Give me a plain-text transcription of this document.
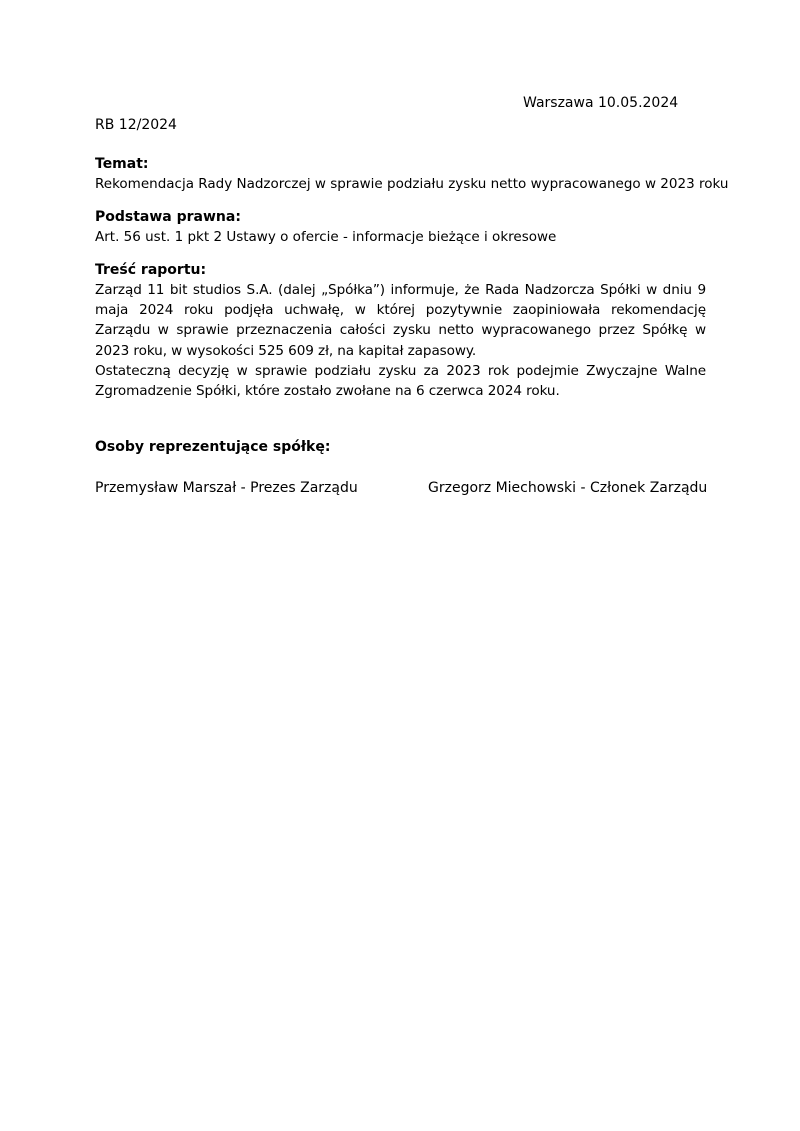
Warszawa 10.05.2024
RB 12/2024
Temat:
Rekomendacja Rady Nadzorczej w sprawie podziału zysku netto wypracowanego w 2023 roku
Podstawa prawna:
Art. 56 ust. 1 pkt 2 Ustawy o ofercie - informacje bieżące i okresowe
Treść raportu:

Zarząd 11 bit studios S.A. (dalej „Spółka”) informuje, że Rada Nadzorcza Spółki w dniu 9 maja 2024 roku podjęła uchwałę, w której pozytywnie zaopiniowała rekomendację Zarządu w sprawie przeznaczenia całości zysku netto wypracowanego przez Spółkę w 2023 roku, w wysokości 525 609 zł, na kapitał zapasowy.

Ostateczną decyzję w sprawie podziału zysku za 2023 rok podejmie Zwyczajne Walne Zgromadzenie Spółki, które zostało zwołane na 6 czerwca 2024 roku.

Osoby reprezentujące spółkę:
Przemysław Marszał - Prezes Zarządu	Grzegorz Miechowski - Członek Zarządu
